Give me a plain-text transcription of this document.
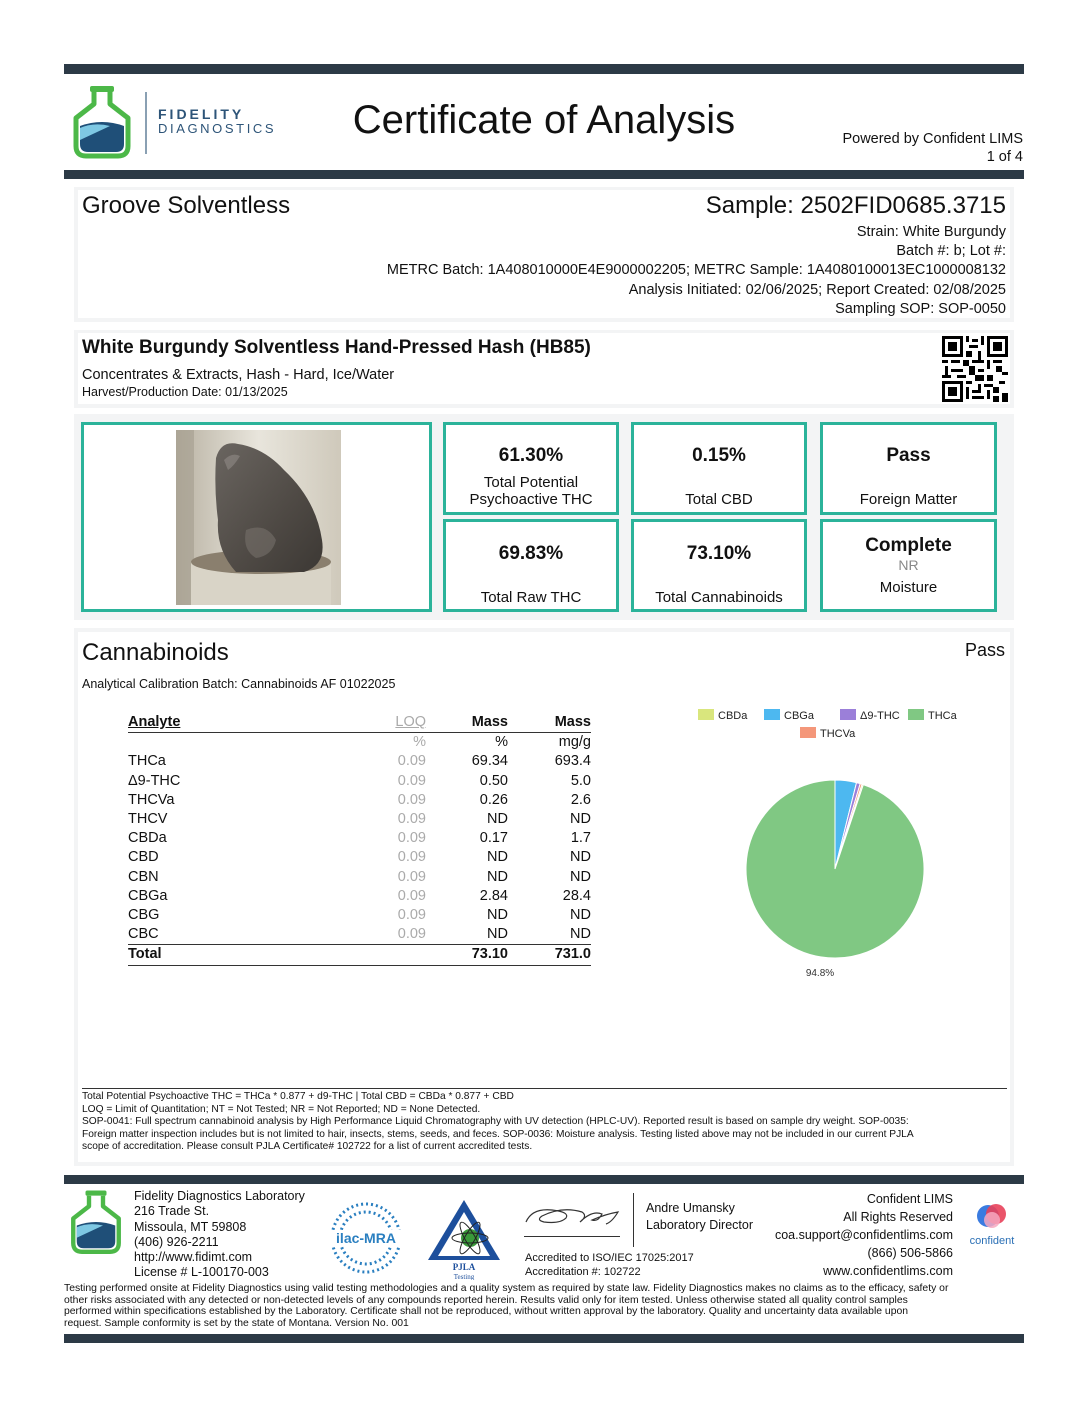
FIDELITY
DIAGNOSTICS	Certificate of Analysis	Powered by Confident LIMS
1 of 4
Groove Solventless	Sample: 2502FID0685.3715
Strain: White Burgundy
Batch #: b; Lot #:
METRC Batch: 1A408010000E4E9000002205; METRC Sample: 1A4080100013EC1000008132
Analysis Initiated: 02/06/2025; Report Created: 02/08/2025
Sampling SOP: SOP-0050
White Burgundy Solventless Hand-Pressed Hash (HB85)
Concentrates & Extracts, Hash - Hard, Ice/Water
Harvest/Production Date: 01/13/2025
61.30%
Total Potential
Psychoactive THC
0.15%
Total CBD
Pass
Foreign Matter
69.83%
Total Raw THC
73.10%
Total Cannabinoids
Complete
NR
Moisture
Cannabinoids	Pass
Analytical Calibration Batch: Cannabinoids AF 01022025
Analyte	LOQ	Mass	Mass
	%	%	mg/g
THCa	0.09	69.34	693.4
Δ9-THC	0.09	0.50	5.0
THCVa	0.09	0.26	2.6
THCV	0.09	ND	ND
CBDa	0.09	0.17	1.7
CBD	0.09	ND	ND
CBN	0.09	ND	ND
CBGa	0.09	2.84	28.4
CBG	0.09	ND	ND
CBC	0.09	ND	ND
Total		73.10	731.0
CBDa	CBGa	Δ9-THC	THCa
THCVa
94.8%
Total Potential Psychoactive THC = THCa * 0.877 + d9-THC | Total CBD = CBDa * 0.877 + CBD
LOQ = Limit of Quantitation; NT = Not Tested; NR = Not Reported; ND = None Detected.
SOP-0041: Full spectrum cannabinoid analysis by High Performance Liquid Chromatography with UV detection (HPLC-UV). Reported result is based on sample dry weight. SOP-0035:
Foreign matter inspection includes but is not limited to hair, insects, stems, seeds, and feces. SOP-0036: Moisture analysis. Testing listed above may not be included in our current PJLA
scope of accreditation. Please consult PJLA Certificate# 102722 for a list of current accredited tests.
Fidelity Diagnostics Laboratory
216 Trade St.
Missoula, MT 59808
(406) 926-2211
http://www.fidimt.com
License # L-100170-003
ilac-MRA
PJLA
Testing
Andre Umansky
Laboratory Director
Accredited to ISO/IEC 17025:2017
Accreditation #: 102722
Confident LIMS
All Rights Reserved
coa.support@confidentlims.com
(866) 506-5866
www.confidentlims.com
confident
Testing performed onsite at Fidelity Diagnostics using valid testing methodologies and a quality system as required by state law. Fidelity Diagnostics makes no claims as to the efficacy, safety or
other risks associated with any detected or non-detected levels of any compounds reported herein. Results valid only for item tested. Unless otherwise stated all quality control samples
performed within specifications established by the Laboratory. Certificate shall not be reproduced, without written approval by the laboratory. Quality and uncertainty data available upon
request. Sample conformity is set by the state of Montana. Version No. 001
